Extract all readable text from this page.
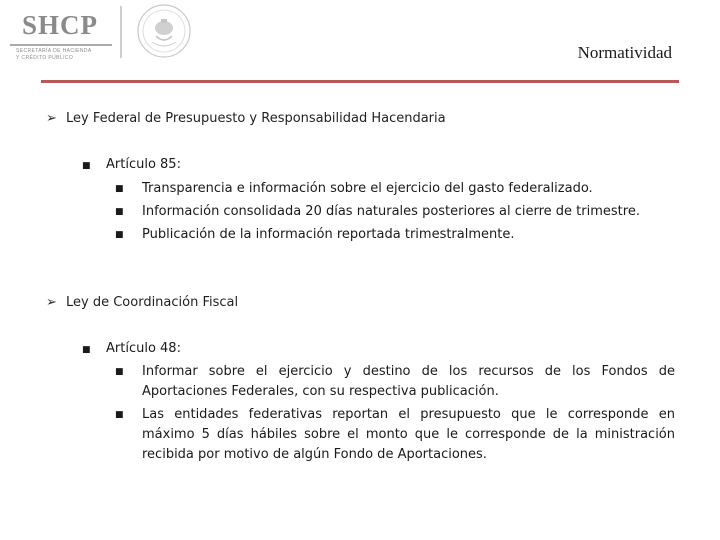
SHCP
SECRETARÍA DE HACIENDA
Y CRÉDITO PÚBLICO	Normatividad
➢ Ley Federal de Presupuesto y Responsabilidad Hacendaria
■ Artículo 85:
■ Transparencia e información sobre el ejercicio del gasto federalizado.
■ Información consolidada 20 días naturales posteriores al cierre de trimestre.
■ Publicación de la información reportada trimestralmente.
➢ Ley de Coordinación Fiscal
■ Artículo 48:
■ Informar sobre el ejercicio y destino de los recursos de los Fondos de Aportaciones Federales, con su respectiva publicación.
■ Las entidades federativas reportan el presupuesto que le corresponde en máximo 5 días hábiles sobre el monto que le corresponde de la ministración recibida por motivo de algún Fondo de Aportaciones.
